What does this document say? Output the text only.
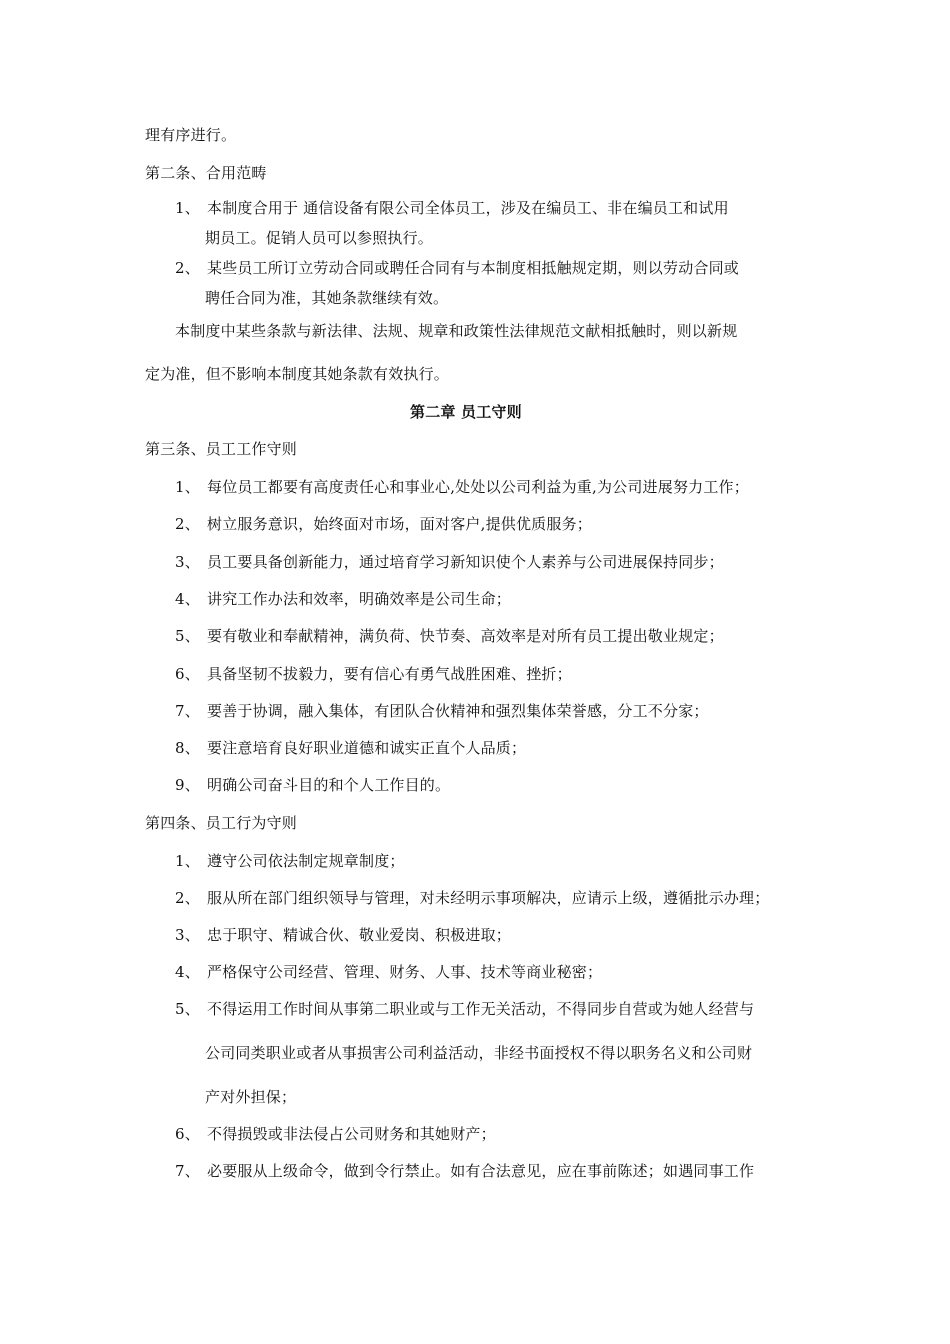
理有序进行。
第二条、合用范畴
1、 本制度合用于 通信设备有限公司全体员工，涉及在编员工、非在编员工和试用
期员工。促销人员可以参照执行。
2、 某些员工所订立劳动合同或聘任合同有与本制度相抵触规定期，则以劳动合同或
聘任合同为准，其她条款继续有效。
本制度中某些条款与新法律、法规、规章和政策性法律规范文献相抵触时，则以新规
定为准，但不影响本制度其她条款有效执行。
第二章 员工守则
第三条、员工工作守则
1、 每位员工都要有高度责任心和事业心,处处以公司利益为重,为公司进展努力工作；
2、 树立服务意识，始终面对市场，面对客户,提供优质服务；
3、 员工要具备创新能力，通过培育学习新知识使个人素养与公司进展保持同步；
4、 讲究工作办法和效率，明确效率是公司生命；
5、 要有敬业和奉献精神，满负荷、快节奏、高效率是对所有员工提出敬业规定；
6、 具备坚韧不拔毅力，要有信心有勇气战胜困难、挫折；
7、 要善于协调，融入集体，有团队合伙精神和强烈集体荣誉感，分工不分家；
8、 要注意培育良好职业道德和诚实正直个人品质；
9、 明确公司奋斗目的和个人工作目的。
第四条、员工行为守则
1、 遵守公司依法制定规章制度；
2、 服从所在部门组织领导与管理，对未经明示事项解决，应请示上级，遵循批示办理；
3、 忠于职守、精诚合伙、敬业爱岗、积极进取；
4、 严格保守公司经营、管理、财务、人事、技术等商业秘密；
5、 不得运用工作时间从事第二职业或与工作无关活动，不得同步自营或为她人经营与
公司同类职业或者从事损害公司利益活动，非经书面授权不得以职务名义和公司财
产对外担保；
6、 不得损毁或非法侵占公司财务和其她财产；
7、 必要服从上级命令，做到令行禁止。如有合法意见，应在事前陈述；如遇同事工作
